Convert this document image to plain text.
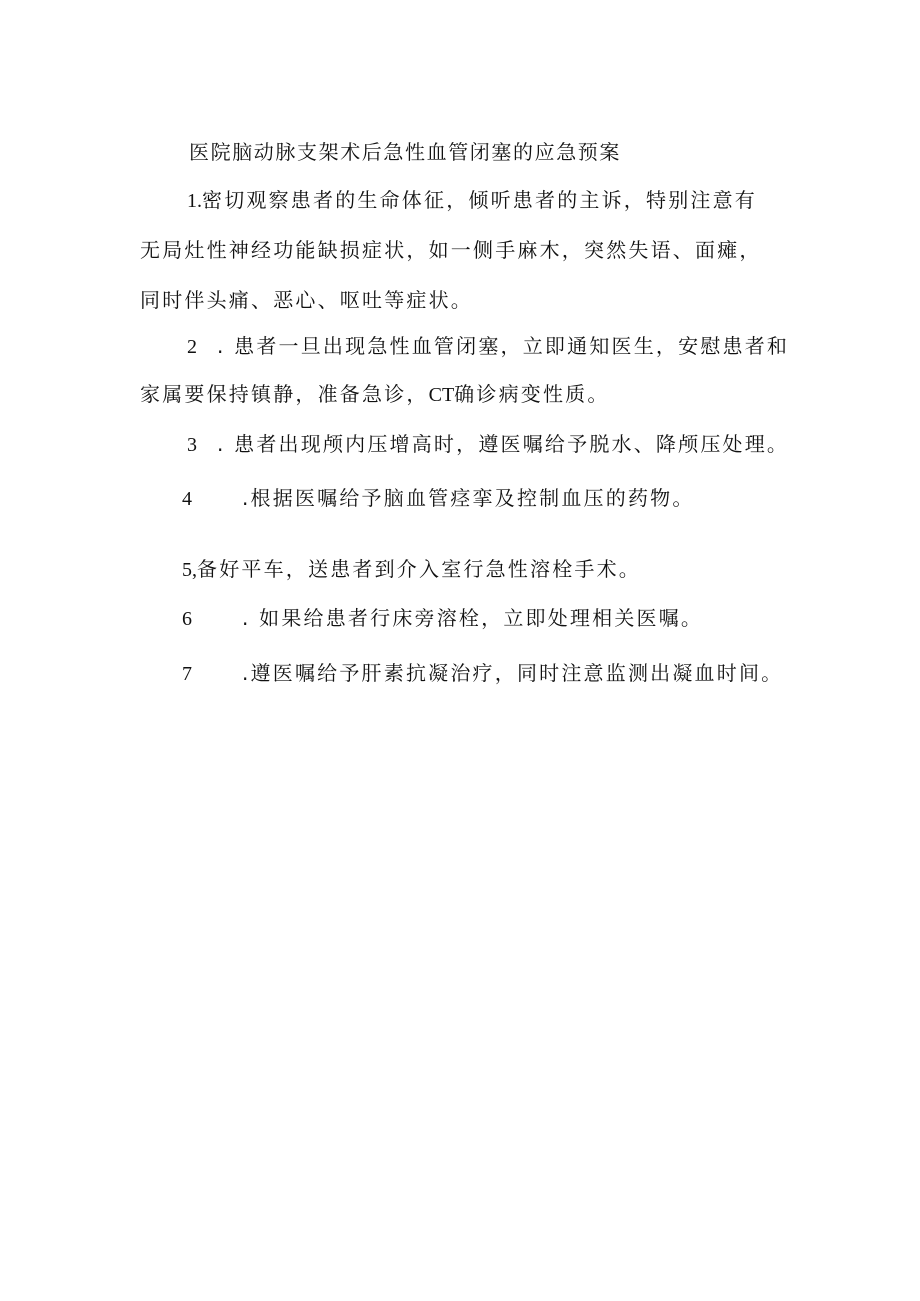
医院脑动脉支架术后急性血管闭塞的应急预案
1.密切观察患者的生命体征，倾听患者的主诉，特别注意有
无局灶性神经功能缺损症状，如一侧手麻木，突然失语、面瘫，
同时伴头痛、恶心、呕吐等症状。
2 . 患者一旦出现急性血管闭塞，立即通知医生，安慰患者和
家属要保持镇静，准备急诊，CT确诊病变性质。
3 . 患者出现颅内压增高时，遵医嘱给予脱水、降颅压处理。
4	.根据医嘱给予脑血管痉挛及控制血压的药物。
5,备好平车，送患者到介入室行急性溶栓手术。
6	. 如果给患者行床旁溶栓，立即处理相关医嘱。
7	.遵医嘱给予肝素抗凝治疗，同时注意监测出凝血时间。
